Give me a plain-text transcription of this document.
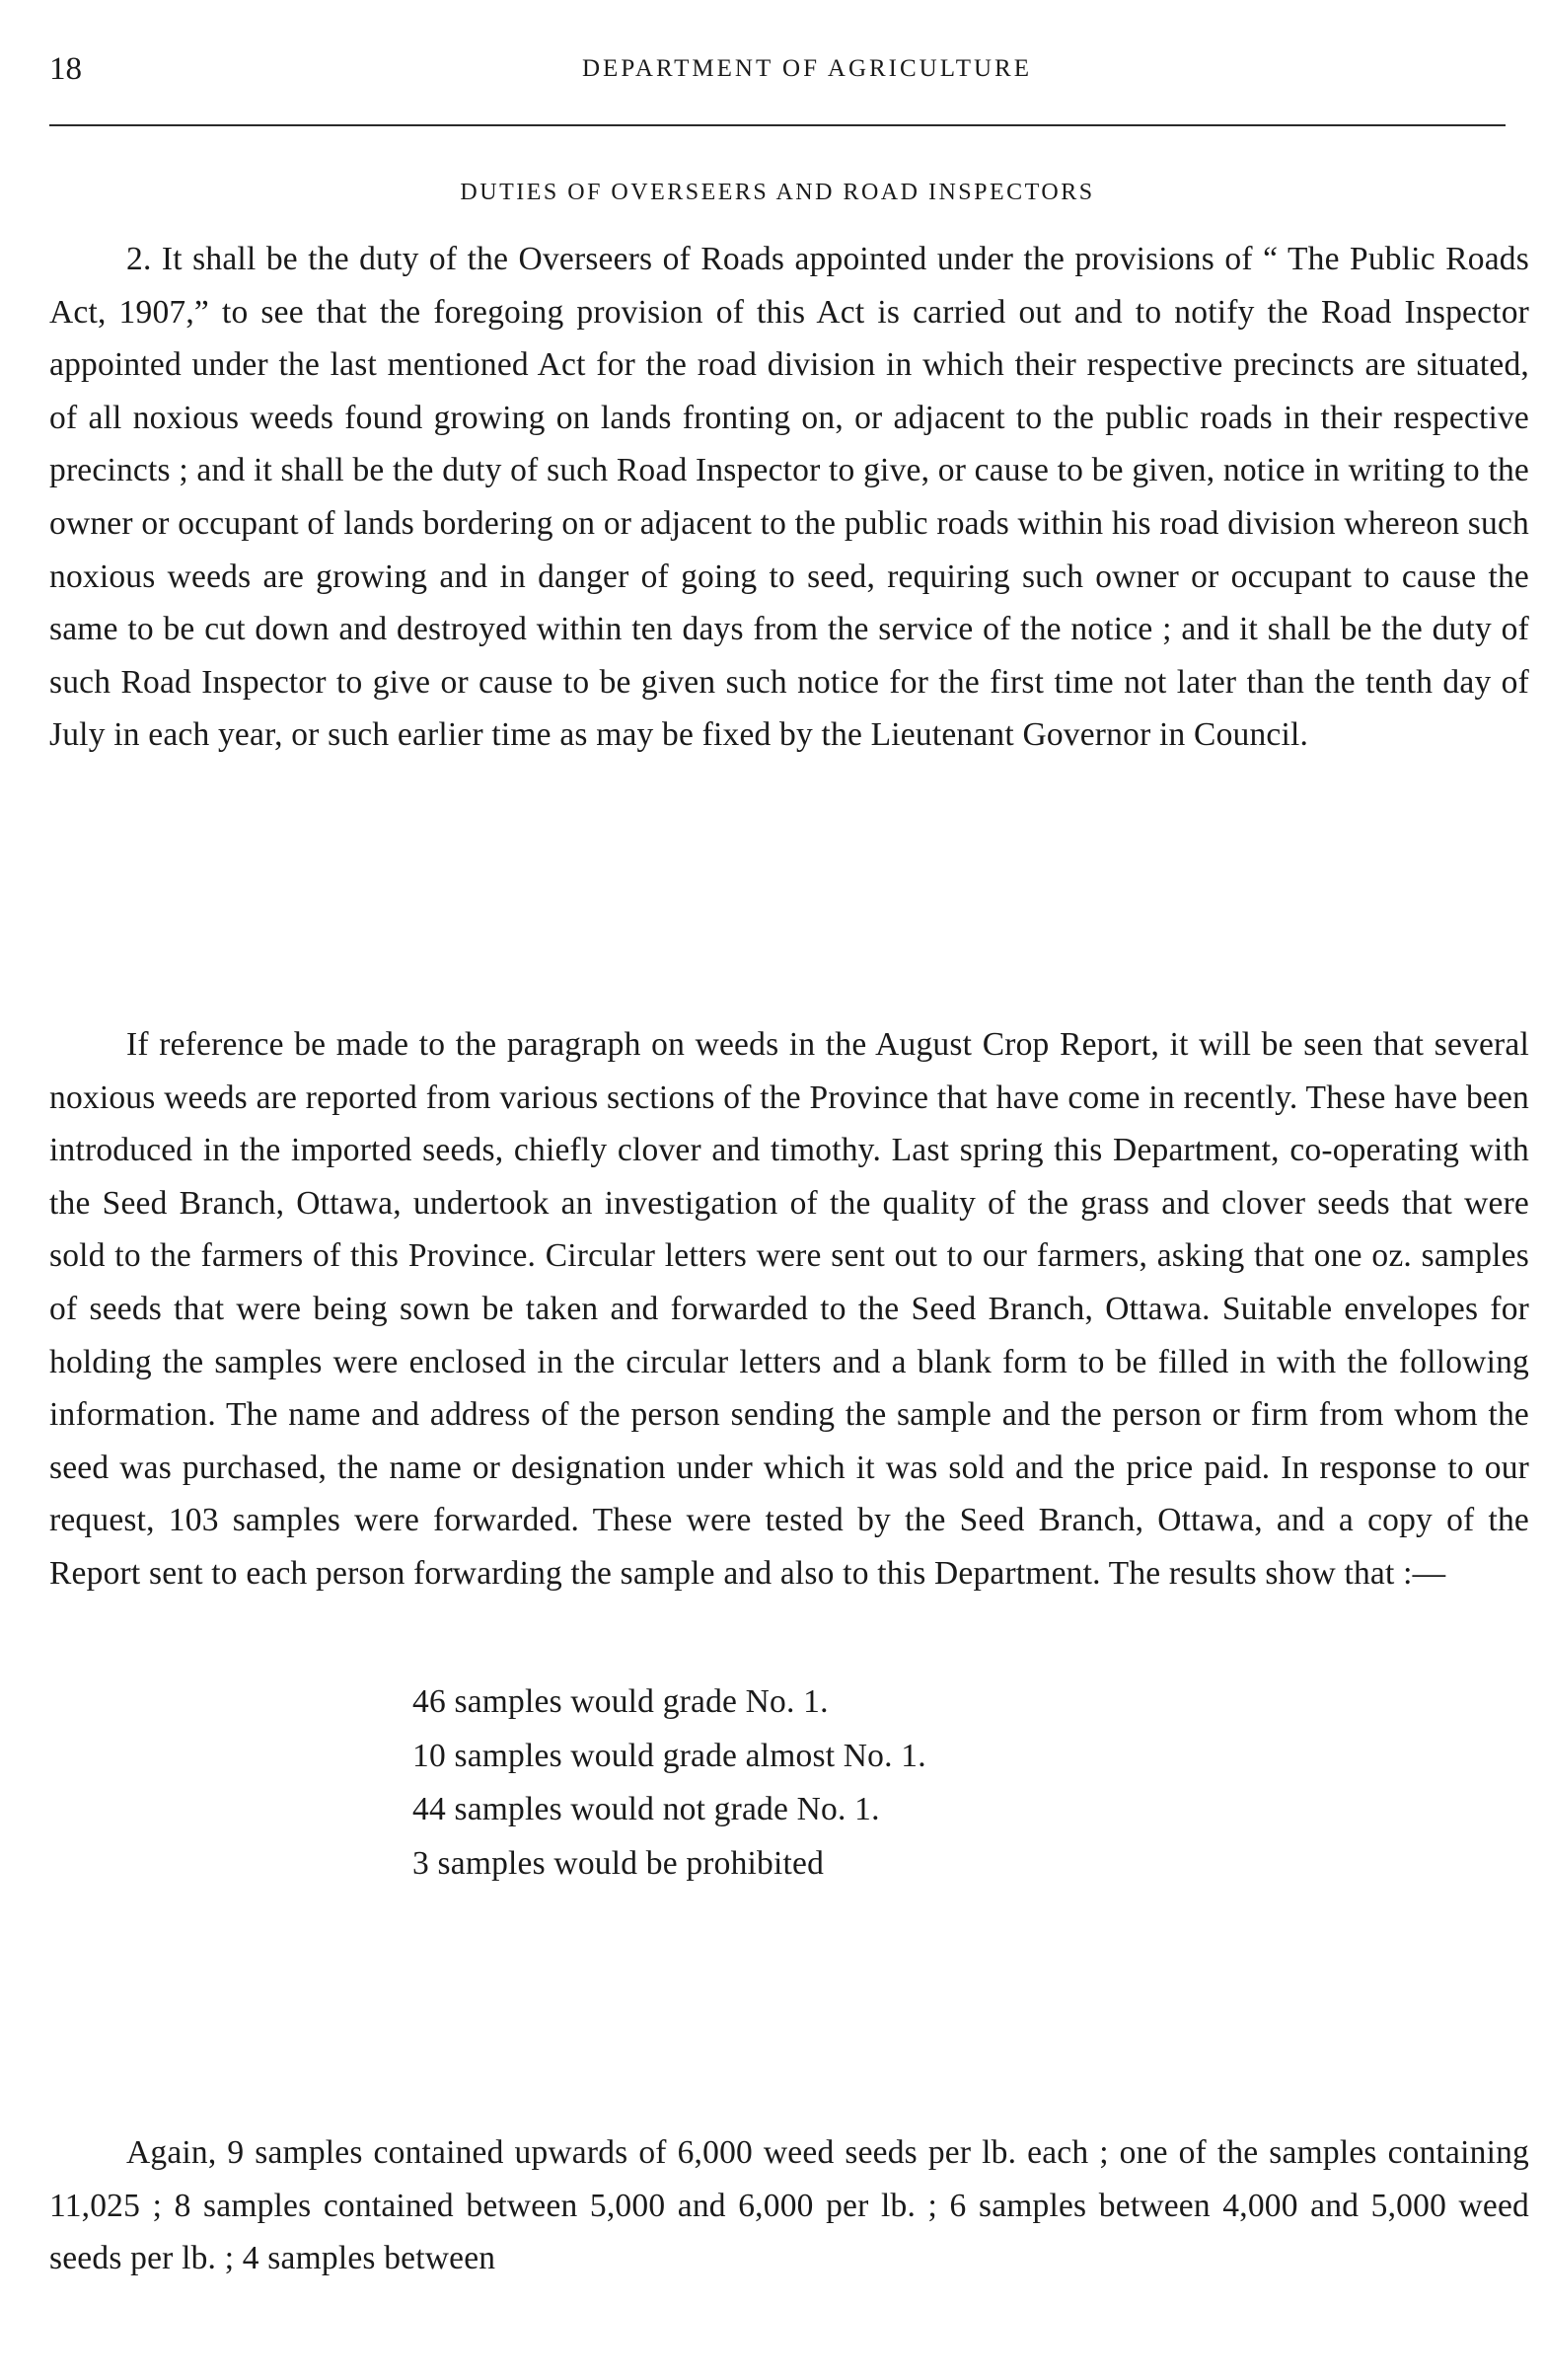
18	DEPARTMENT OF AGRICULTURE
DUTIES OF OVERSEERS AND ROAD INSPECTORS

2. It shall be the duty of the Overseers of Roads appointed under the provisions of “ The Public Roads Act, 1907,” to see that the foregoing provision of this Act is carried out and to notify the Road Inspector appointed under the last mentioned Act for the road division in which their respective precincts are situated, of all noxious weeds found growing on lands fronting on, or adjacent to the public roads in their respective precincts ; and it shall be the duty of such Road Inspector to give, or cause to be given, notice in writing to the owner or occupant of lands bordering on or adjacent to the public roads within his road division whereon such noxious weeds are growing and in danger of going to seed, requiring such owner or occupant to cause the same to be cut down and destroyed within ten days from the service of the notice ; and it shall be the duty of such Road Inspector to give or cause to be given such notice for the first time not later than the tenth day of July in each year, or such earlier time as may be fixed by the Lieutenant Governor in Council.

If reference be made to the paragraph on weeds in the August Crop Report, it will be seen that several noxious weeds are reported from various sections of the Province that have come in recently. These have been introduced in the imported seeds, chiefly clover and timothy. Last spring this Department, co-operating with the Seed Branch, Ottawa, undertook an investigation of the quality of the grass and clover seeds that were sold to the farmers of this Province. Circular letters were sent out to our farmers, asking that one oz. samples of seeds that were being sown be taken and forwarded to the Seed Branch, Ottawa. Suitable envelopes for holding the samples were enclosed in the circular letters and a blank form to be filled in with the following information. The name and address of the person sending the sample and the person or firm from whom the seed was purchased, the name or designation under which it was sold and the price paid. In response to our request, 103 samples were forwarded. These were tested by the Seed Branch, Ottawa, and a copy of the Report sent to each person forwarding the sample and also to this Department. The results show that :—

46 samples would grade No. 1.
10 samples would grade almost No. 1.
44 samples would not grade No. 1.
3 samples would be prohibited

Again, 9 samples contained upwards of 6,000 weed seeds per lb. each ; one of the samples containing 11,025 ; 8 samples contained between 5,000 and 6,000 per lb. ; 6 samples between 4,000 and 5,000 weed seeds per lb. ; 4 samples between
